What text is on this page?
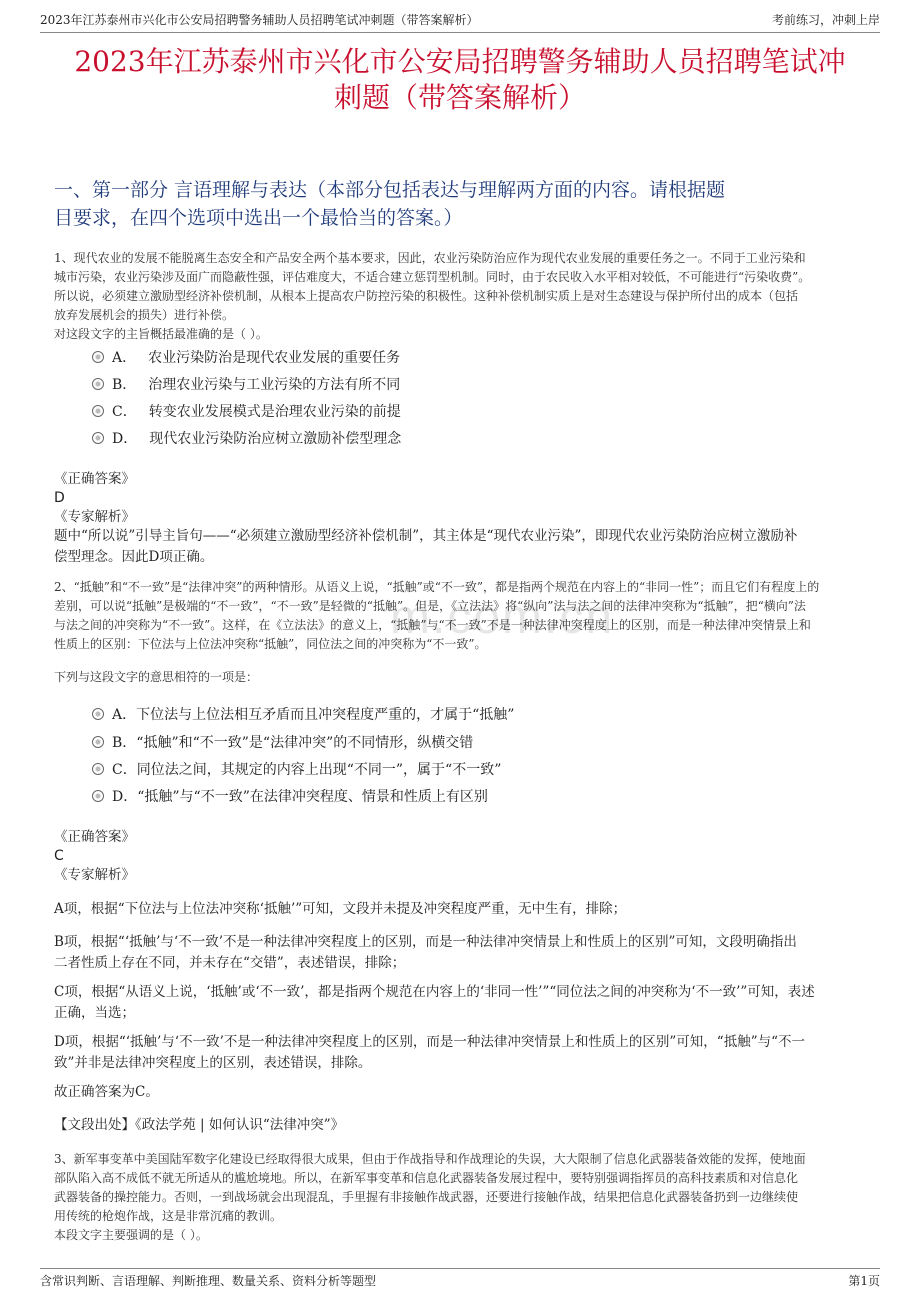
2023年江苏泰州市兴化市公安局招聘警务辅助人员招聘笔试冲刺题（带答案解析）	考前练习，冲刺上岸
2023年江苏泰州市兴化市公安局招聘警务辅助人员招聘笔试冲
刺题（带答案解析）
一、第一部分 言语理解与表达（本部分包括表达与理解两方面的内容。请根据题
目要求，在四个选项中选出一个最恰当的答案。）
1、现代农业的发展不能脱离生态安全和产品安全两个基本要求，因此，农业污染防治应作为现代农业发展的重要任务之一。不同于工业污染和
城市污染，农业污染涉及面广而隐蔽性强，评估难度大，不适合建立惩罚型机制。同时，由于农民收入水平相对较低，不可能进行“污染收费”。
所以说，必须建立激励型经济补偿机制，从根本上提高农户防控污染的积极性。这种补偿机制实质上是对生态建设与保护所付出的成本（包括
放弃发展机会的损失）进行补偿。
对这段文字的主旨概括最准确的是（ ）。
A． 农业污染防治是现代农业发展的重要任务
B． 治理农业污染与工业污染的方法有所不同
C． 转变农业发展模式是治理农业污染的前提
D． 现代农业污染防治应树立激励补偿型理念
《正确答案》
D
《专家解析》
题中“所以说”引导主旨句——“必须建立激励型经济补偿机制”，其主体是“现代农业污染”，即现代农业污染防治应树立激励补
偿型理念。因此D项正确。
m.com.cn
2、“抵触”和“不一致”是“法律冲突”的两种情形。从语义上说，“抵触”或“不一致”，都是指两个规范在内容上的“非同一性”；而且它们有程度上的
差别，可以说“抵触”是极端的“不一致”，“不一致”是轻微的“抵触”。但是，《立法法》将“纵向”法与法之间的法律冲突称为“抵触”，把“横向”法
与法之间的冲突称为“不一致”。这样，在《立法法》的意义上，“抵触”与“不一致”不是一种法律冲突程度上的区别，而是一种法律冲突情景上和
性质上的区别：下位法与上位法冲突称“抵触”，同位法之间的冲突称为“不一致”。
下列与这段文字的意思相符的一项是：
A．下位法与上位法相互矛盾而且冲突程度严重的，才属于“抵触”
B．“抵触”和“不一致”是“法律冲突”的不同情形，纵横交错
C．同位法之间，其规定的内容上出现“不同一”，属于“不一致”
D．“抵触”与“不一致”在法律冲突程度、情景和性质上有区别
《正确答案》
C
《专家解析》
A项，根据“下位法与上位法冲突称‘抵触’”可知，文段并未提及冲突程度严重，无中生有，排除；
B项，根据“‘抵触’与‘不一致’不是一种法律冲突程度上的区别，而是一种法律冲突情景上和性质上的区别”可知，文段明确指出
二者性质上存在不同，并未存在“交错”，表述错误，排除；
C项，根据“从语义上说，‘抵触’或‘不一致’，都是指两个规范在内容上的‘非同一性’”“同位法之间的冲突称为‘不一致’”可知，表述
正确，当选；
D项，根据“‘抵触’与‘不一致’不是一种法律冲突程度上的区别，而是一种法律冲突情景上和性质上的区别”可知，“抵触”与“不一
致”并非是法律冲突程度上的区别，表述错误，排除。
故正确答案为C。
【文段出处】《政法学苑 | 如何认识“法律冲突”》
3、新军事变革中美国陆军数字化建设已经取得很大成果，但由于作战指导和作战理论的失误，大大限制了信息化武器装备效能的发挥，使地面
部队陷入高不成低不就无所适从的尴尬境地。所以，在新军事变革和信息化武器装备发展过程中，要特别强调指挥员的高科技素质和对信息化
武器装备的操控能力。否则，一到战场就会出现混乱，手里握有非接触作战武器，还要进行接触作战，结果把信息化武器装备扔到一边继续使
用传统的枪炮作战，这是非常沉痛的教训。
本段文字主要强调的是（ ）。
含常识判断、言语理解、判断推理、数量关系、资料分析等题型	第1页
